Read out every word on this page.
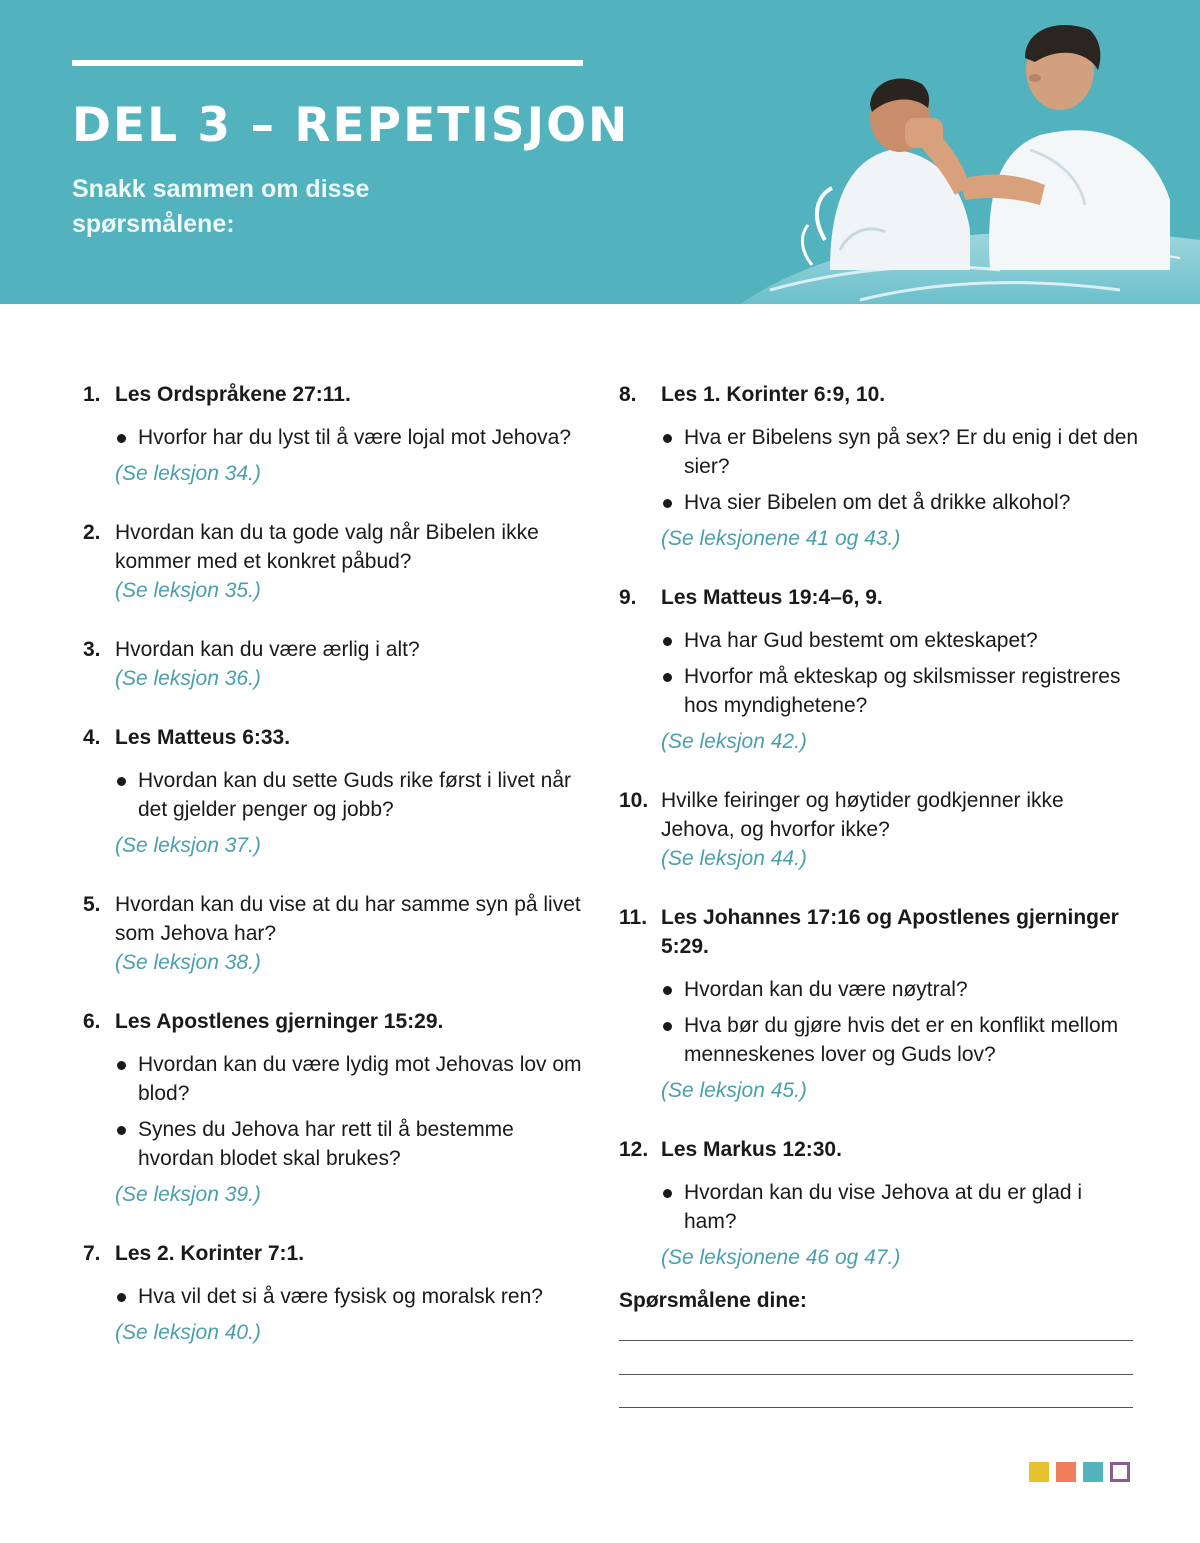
DEL 3 – REPETISJON
Snakk sammen om disse spørsmålene:
1. Les Ordspråkene 27:11.
Hvorfor har du lyst til å være lojal mot Jehova?
(Se leksjon 34.)
2. Hvordan kan du ta gode valg når Bibelen ikke kommer med et konkret påbud?
(Se leksjon 35.)
3. Hvordan kan du være ærlig i alt?
(Se leksjon 36.)
4. Les Matteus 6:33.
Hvordan kan du sette Guds rike først i livet når det gjelder penger og jobb?
(Se leksjon 37.)
5. Hvordan kan du vise at du har samme syn på livet som Jehova har?
(Se leksjon 38.)
6. Les Apostlenes gjerninger 15:29.
Hvordan kan du være lydig mot Jehovas lov om blod?
Synes du Jehova har rett til å bestemme hvordan blodet skal brukes?
(Se leksjon 39.)
7. Les 2. Korinter 7:1.
Hva vil det si å være fysisk og moralsk ren?
(Se leksjon 40.)
8.	Les 1. Korinter 6:9, 10.
Hva er Bibelens syn på sex? Er du enig i det den sier?
Hva sier Bibelen om det å drikke alkohol?
(Se leksjonene 41 og 43.)
9.	Les Matteus 19:4–6, 9.
Hva har Gud bestemt om ekteskapet?
Hvorfor må ekteskap og skilsmisser registreres hos myndighetene?
(Se leksjon 42.)
10. Hvilke feiringer og høytider godkjenner ikke Jehova, og hvorfor ikke?
(Se leksjon 44.)
11. Les Johannes 17:16 og Apostlenes gjerninger 5:29.
Hvordan kan du være nøytral?
Hva bør du gjøre hvis det er en konflikt mellom menneskenes lover og Guds lov?
(Se leksjon 45.)
12. Les Markus 12:30.
Hvordan kan du vise Jehova at du er glad i ham?
(Se leksjonene 46 og 47.)
Spørsmålene dine:
